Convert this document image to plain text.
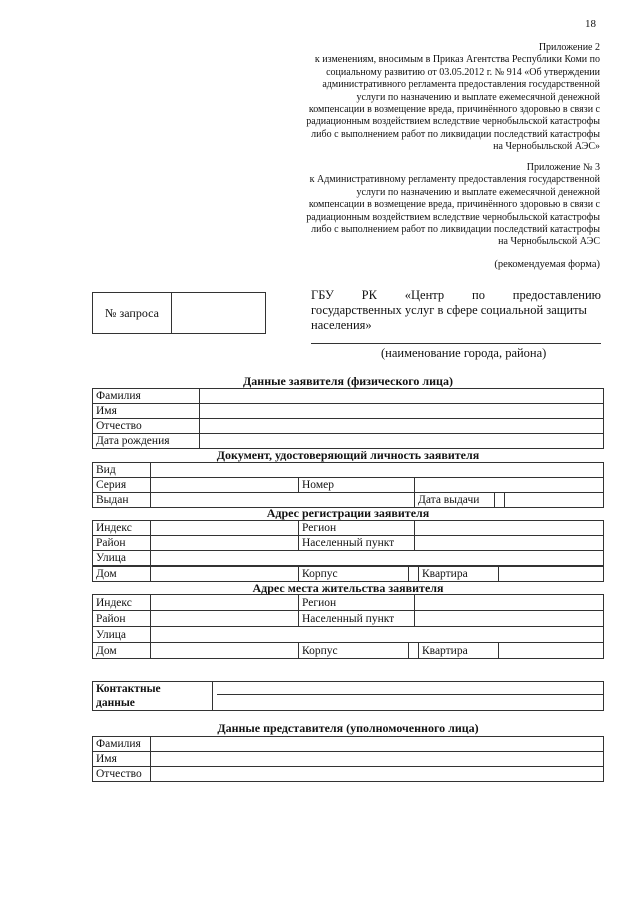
18
Приложение 2
к изменениям, вносимым в Приказ Агентства Республики Коми по
социальному развитию от 03.05.2012 г. № 914 «Об утверждении
административного регламента предоставления государственной
услуги по назначению и выплате ежемесячной денежной
компенсации в возмещение вреда, причинённого здоровью в связи с
радиационным воздействием вследствие чернобыльской катастрофы
либо с выполнением работ по ликвидации последствий катастрофы
на Чернобыльской АЭС»
Приложение № 3
к Административному регламенту предоставления государственной
услуги по назначению и выплате ежемесячной денежной
компенсации в возмещение вреда, причинённого здоровью в связи с
радиационным воздействием вследствие чернобыльской катастрофы
либо с выполнением работ по ликвидации последствий катастрофы
на Чернобыльской АЭС
(рекомендуемая форма)
№ запроса
ГБУ РК «Центр по предоставлению
государственных услуг в сфере социальной защиты
населения»
(наименование города, района)
Данные заявителя (физического лица)
Фамилия	
Имя	
Отчество	
Дата рождения	
Документ, удостоверяющий личность заявителя
Вид					
Серия		Номер			
Выдан			Дата выдачи		
Адрес регистрации заявителя
Индекс		Регион	
Район		Населенный пункт	
Улица			
Дом		Корпус		Квартира	
Адрес места жительства заявителя
Индекс		Регион	
Район		Населенный пункт	
Улица			
Дом		Корпус		Квартира	
Контактные
данные

Данные представителя (уполномоченного лица)
Фамилия	
Имя	
Отчество	
